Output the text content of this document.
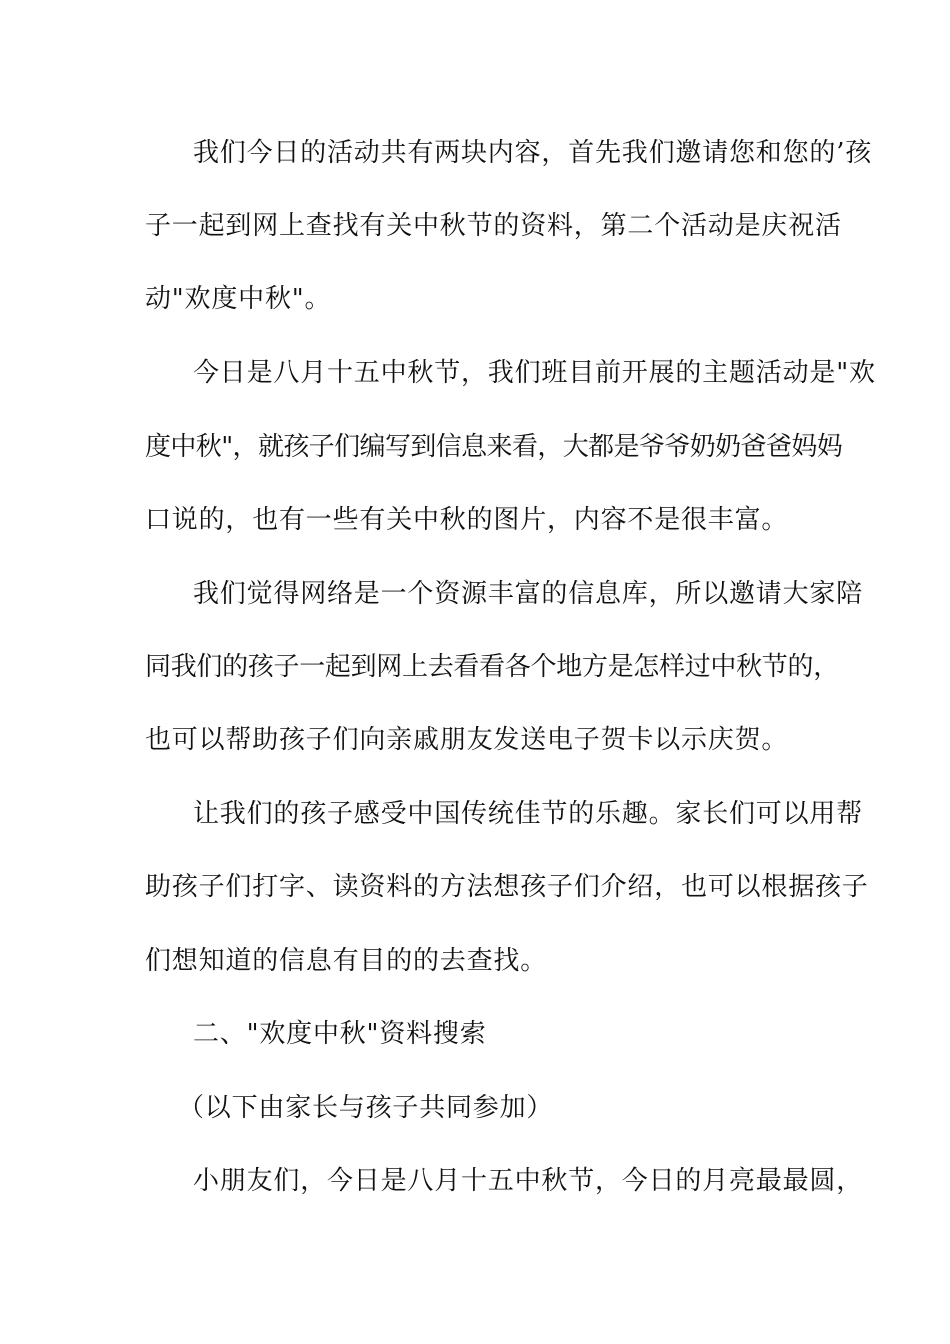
我们今日的活动共有两块内容，首先我们邀请您和您的’孩
子一起到网上查找有关中秋节的资料，第二个活动是庆祝活
动"欢度中秋"。
今日是八月十五中秋节，我们班目前开展的主题活动是"欢
度中秋"，就孩子们编写到信息来看，大都是爷爷奶奶爸爸妈妈
口说的，也有一些有关中秋的图片，内容不是很丰富。
我们觉得网络是一个资源丰富的信息库，所以邀请大家陪
同我们的孩子一起到网上去看看各个地方是怎样过中秋节的，
也可以帮助孩子们向亲戚朋友发送电子贺卡以示庆贺。
让我们的孩子感受中国传统佳节的乐趣。家长们可以用帮
助孩子们打字、读资料的方法想孩子们介绍，也可以根据孩子
们想知道的信息有目的的去查找。
二、"欢度中秋"资料搜索
（以下由家长与孩子共同参加）
小朋友们，今日是八月十五中秋节，今日的月亮最最圆，
